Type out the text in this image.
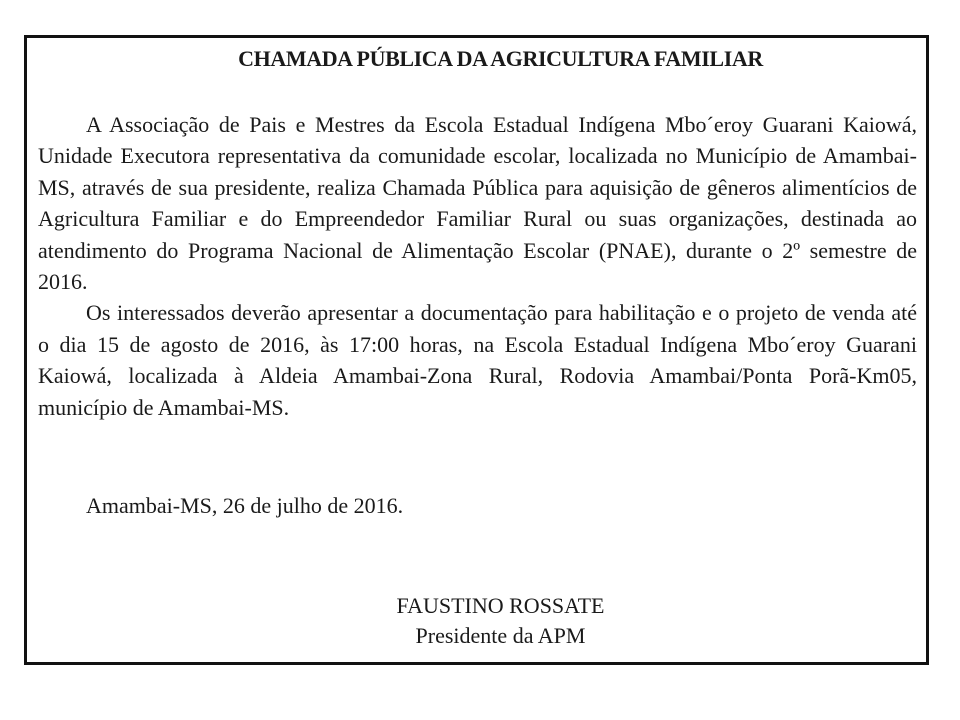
CHAMADA PÚBLICA DA AGRICULTURA FAMILIAR

A Associação de Pais e Mestres da Escola Estadual Indígena Mbo´eroy Guarani Kaiowá, Unidade Executora representativa da comunidade escolar, localizada no Município de Amambai-MS, através de sua presidente, realiza Chamada Pública para aquisição de gêneros alimentícios de Agricultura Familiar e do Empreendedor Familiar Rural ou suas organizações, destinada ao atendimento do Programa Nacional de Alimentação Escolar (PNAE), durante o 2º semestre de 2016.

Os interessados deverão apresentar a documentação para habilitação e o projeto de venda até o dia 15 de agosto de 2016, às 17:00 horas, na Escola Estadual Indígena Mbo´eroy Guarani Kaiowá, localizada à Aldeia Amambai-Zona Rural, Rodovia Amambai/Ponta Porã-Km05, município de Amambai-MS.

Amambai-MS, 26 de julho de 2016.

FAUSTINO ROSSATE
Presidente da APM
